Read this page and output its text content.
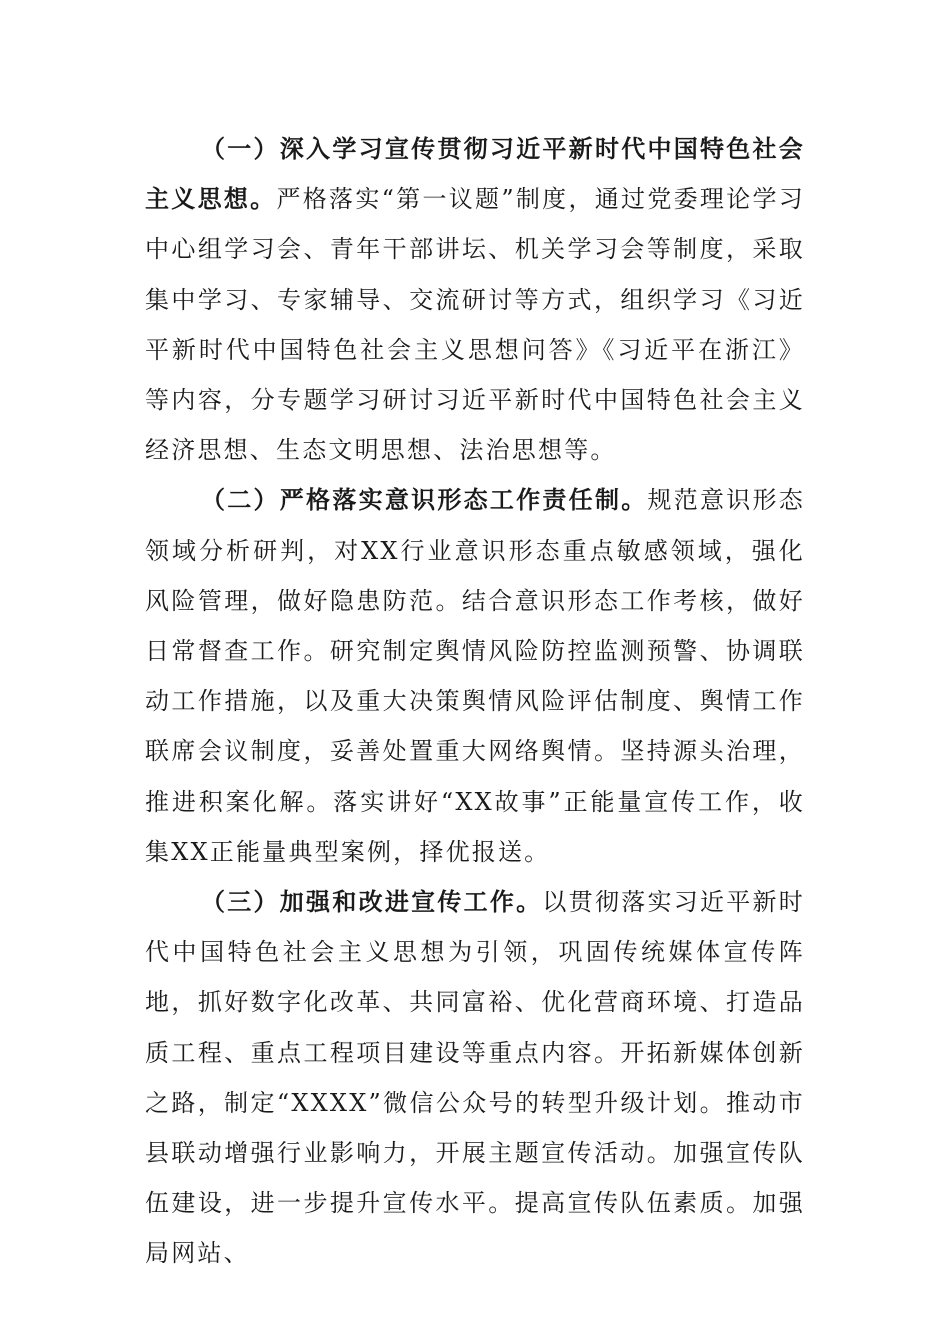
（一）深入学习宣传贯彻习近平新时代中国特色社会主义思想。严格落实“第一议题”制度，通过党委理论学习中心组学习会、青年干部讲坛、机关学习会等制度，采取集中学习、专家辅导、交流研讨等方式，组织学习《习近平新时代中国特色社会主义思想问答》《习近平在浙江》等内容，分专题学习研讨习近平新时代中国特色社会主义经济思想、生态文明思想、法治思想等。

（二）严格落实意识形态工作责任制。规范意识形态领域分析研判，对XX行业意识形态重点敏感领域，强化风险管理，做好隐患防范。结合意识形态工作考核，做好日常督查工作。研究制定舆情风险防控监测预警、协调联动工作措施，以及重大决策舆情风险评估制度、舆情工作联席会议制度，妥善处置重大网络舆情。坚持源头治理，推进积案化解。落实讲好“XX故事”正能量宣传工作，收集XX正能量典型案例，择优报送。

（三）加强和改进宣传工作。以贯彻落实习近平新时代中国特色社会主义思想为引领，巩固传统媒体宣传阵地，抓好数字化改革、共同富裕、优化营商环境、打造品质工程、重点工程项目建设等重点内容。开拓新媒体创新之路，制定“XXXX”微信公众号的转型升级计划。推动市县联动增强行业影响力，开展主题宣传活动。加强宣传队伍建设，进一步提升宣传水平。提高宣传队伍素质。加强局网站、
